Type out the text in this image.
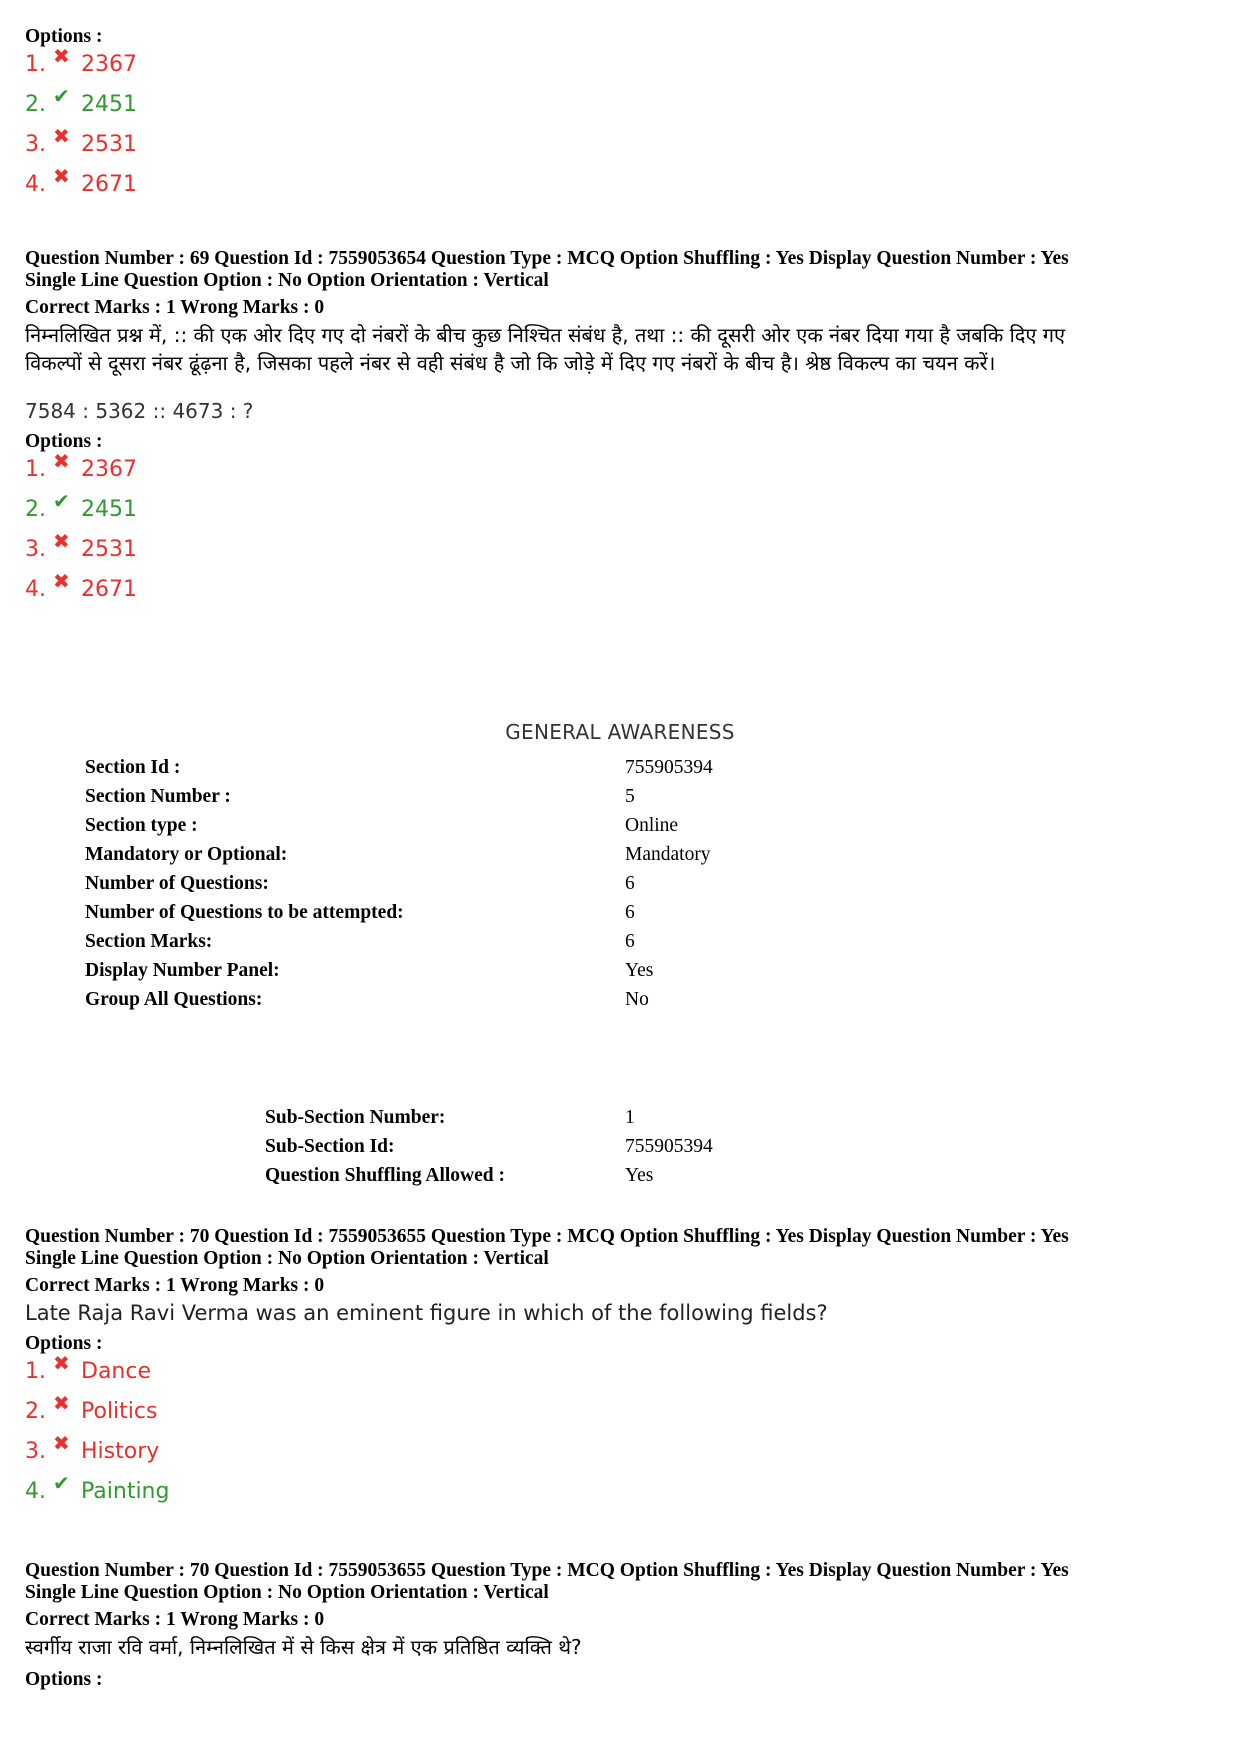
Options :
1. ✖ 2367
2. ✔ 2451
3. ✖ 2531
4. ✖ 2671
Question Number : 69 Question Id : 7559053654 Question Type : MCQ Option Shuffling : Yes Display Question Number : Yes
Single Line Question Option : No Option Orientation : Vertical
Correct Marks : 1 Wrong Marks : 0
निम्नलिखित प्रश्न में, :: की एक ओर दिए गए दो नंबरों के बीच कुछ निश्चित संबंध है, तथा :: की दूसरी ओर एक नंबर दिया गया है जबकि दिए गए
विकल्पों से दूसरा नंबर ढूंढ़ना है, जिसका पहले नंबर से वही संबंध है जो कि जोड़े में दिए गए नंबरों के बीच है। श्रेष्ठ विकल्प का चयन करें।
7584 : 5362 :: 4673 : ?
Options :
1. ✖ 2367
2. ✔ 2451
3. ✖ 2531
4. ✖ 2671
GENERAL AWARENESS
Section Id :	755905394
Section Number :	5
Section type :	Online
Mandatory or Optional:	Mandatory
Number of Questions:	6
Number of Questions to be attempted:	6
Section Marks:	6
Display Number Panel:	Yes
Group All Questions:	No
Sub-Section Number:	1
Sub-Section Id:	755905394
Question Shuffling Allowed :	Yes
Question Number : 70 Question Id : 7559053655 Question Type : MCQ Option Shuffling : Yes Display Question Number : Yes
Single Line Question Option : No Option Orientation : Vertical
Correct Marks : 1 Wrong Marks : 0
Late Raja Ravi Verma was an eminent figure in which of the following fields?
Options :
1. ✖ Dance
2. ✖ Politics
3. ✖ History
4. ✔ Painting
Question Number : 70 Question Id : 7559053655 Question Type : MCQ Option Shuffling : Yes Display Question Number : Yes
Single Line Question Option : No Option Orientation : Vertical
Correct Marks : 1 Wrong Marks : 0
स्वर्गीय राजा रवि वर्मा, निम्नलिखित में से किस क्षेत्र में एक प्रतिष्ठित व्यक्ति थे?
Options :
